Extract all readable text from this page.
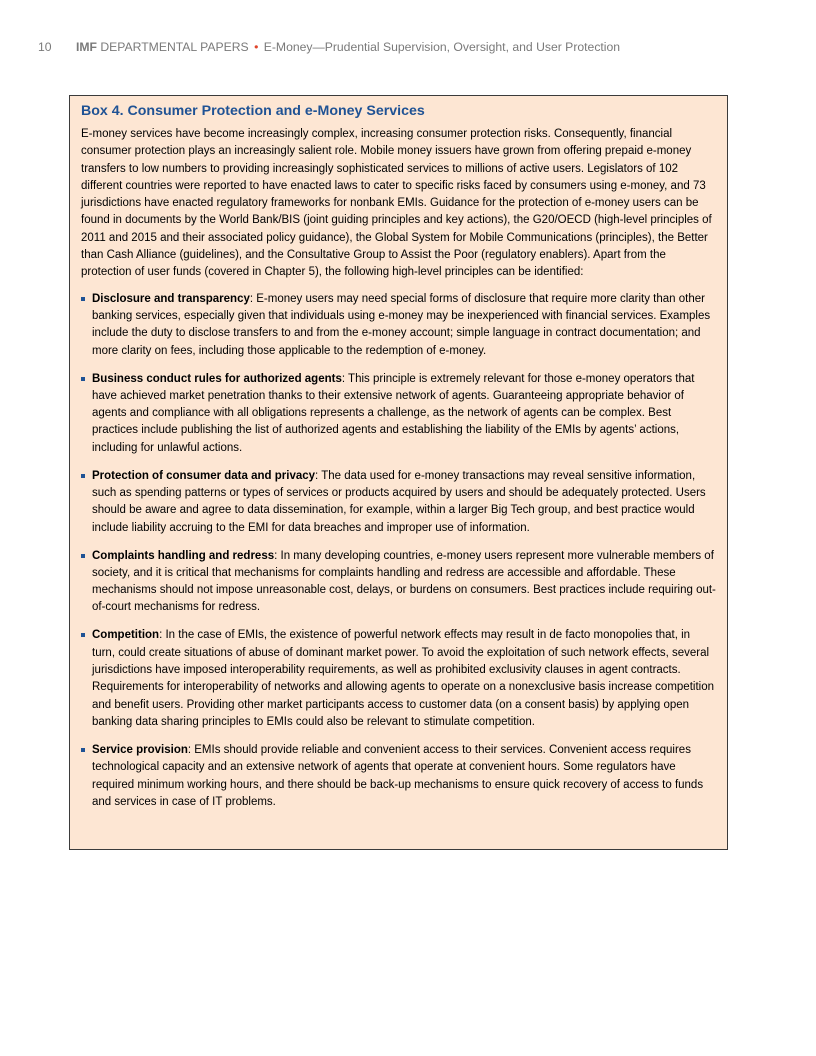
10 IMF DEPARTMENTAL PAPERS • E-Money—Prudential Supervision, Oversight, and User Protection
Box 4. Consumer Protection and e-Money Services

E-money services have become increasingly complex, increasing consumer protection risks. Consequently, financial consumer protection plays an increasingly salient role. Mobile money issuers have grown from offering prepaid e-money transfers to low numbers to providing increasingly sophisticated services to millions of active users. Legislators of 102 different countries were reported to have enacted laws to cater to specific risks faced by consumers using e-money, and 73 jurisdictions have enacted regulatory frameworks for nonbank EMIs. Guidance for the protection of e-money users can be found in documents by the World Bank/BIS (joint guiding principles and key actions), the G20/OECD (high-level principles of 2011 and 2015 and their associated policy guidance), the Global System for Mobile Communications (principles), the Better than Cash Alliance (guidelines), and the Consultative Group to Assist the Poor (regulatory enablers). Apart from the protection of user funds (covered in Chapter 5), the following high-level principles can be identified:

Disclosure and transparency: E-money users may need special forms of disclosure that require more clarity than other banking services, especially given that individuals using e-money may be inexperienced with financial services. Examples include the duty to disclose transfers to and from the e-money account; simple language in contract documentation; and more clarity on fees, including those applicable to the redemption of e-money.
Business conduct rules for authorized agents: This principle is extremely relevant for those e-money operators that have achieved market penetration thanks to their extensive network of agents. Guaranteeing appropriate behavior of agents and compliance with all obligations represents a challenge, as the network of agents can be complex. Best practices include publishing the list of authorized agents and establishing the liability of the EMIs by agents’ actions, including for unlawful actions.
Protection of consumer data and privacy: The data used for e-money transactions may reveal sensitive information, such as spending patterns or types of services or products acquired by users and should be adequately protected. Users should be aware and agree to data dissemination, for example, within a larger Big Tech group, and best practice would include liability accruing to the EMI for data breaches and improper use of information.
Complaints handling and redress: In many developing countries, e-money users represent more vulnerable members of society, and it is critical that mechanisms for complaints handling and redress are accessible and affordable. These mechanisms should not impose unreasonable cost, delays, or burdens on consumers. Best practices include requiring out-of-court mechanisms for redress.
Competition: In the case of EMIs, the existence of powerful network effects may result in de facto monopolies that, in turn, could create situations of abuse of dominant market power. To avoid the exploitation of such network effects, several jurisdictions have imposed interoperability requirements, as well as prohibited exclusivity clauses in agent contracts. Requirements for interoperability of networks and allowing agents to operate on a nonexclusive basis increase competition and benefit users. Providing other market participants access to customer data (on a consent basis) by applying open banking data sharing principles to EMIs could also be relevant to stimulate competition.
Service provision: EMIs should provide reliable and convenient access to their services. Convenient access requires technological capacity and an extensive network of agents that operate at convenient hours. Some regulators have required minimum working hours, and there should be back-up mechanisms to ensure quick recovery of access to funds and services in case of IT problems.
